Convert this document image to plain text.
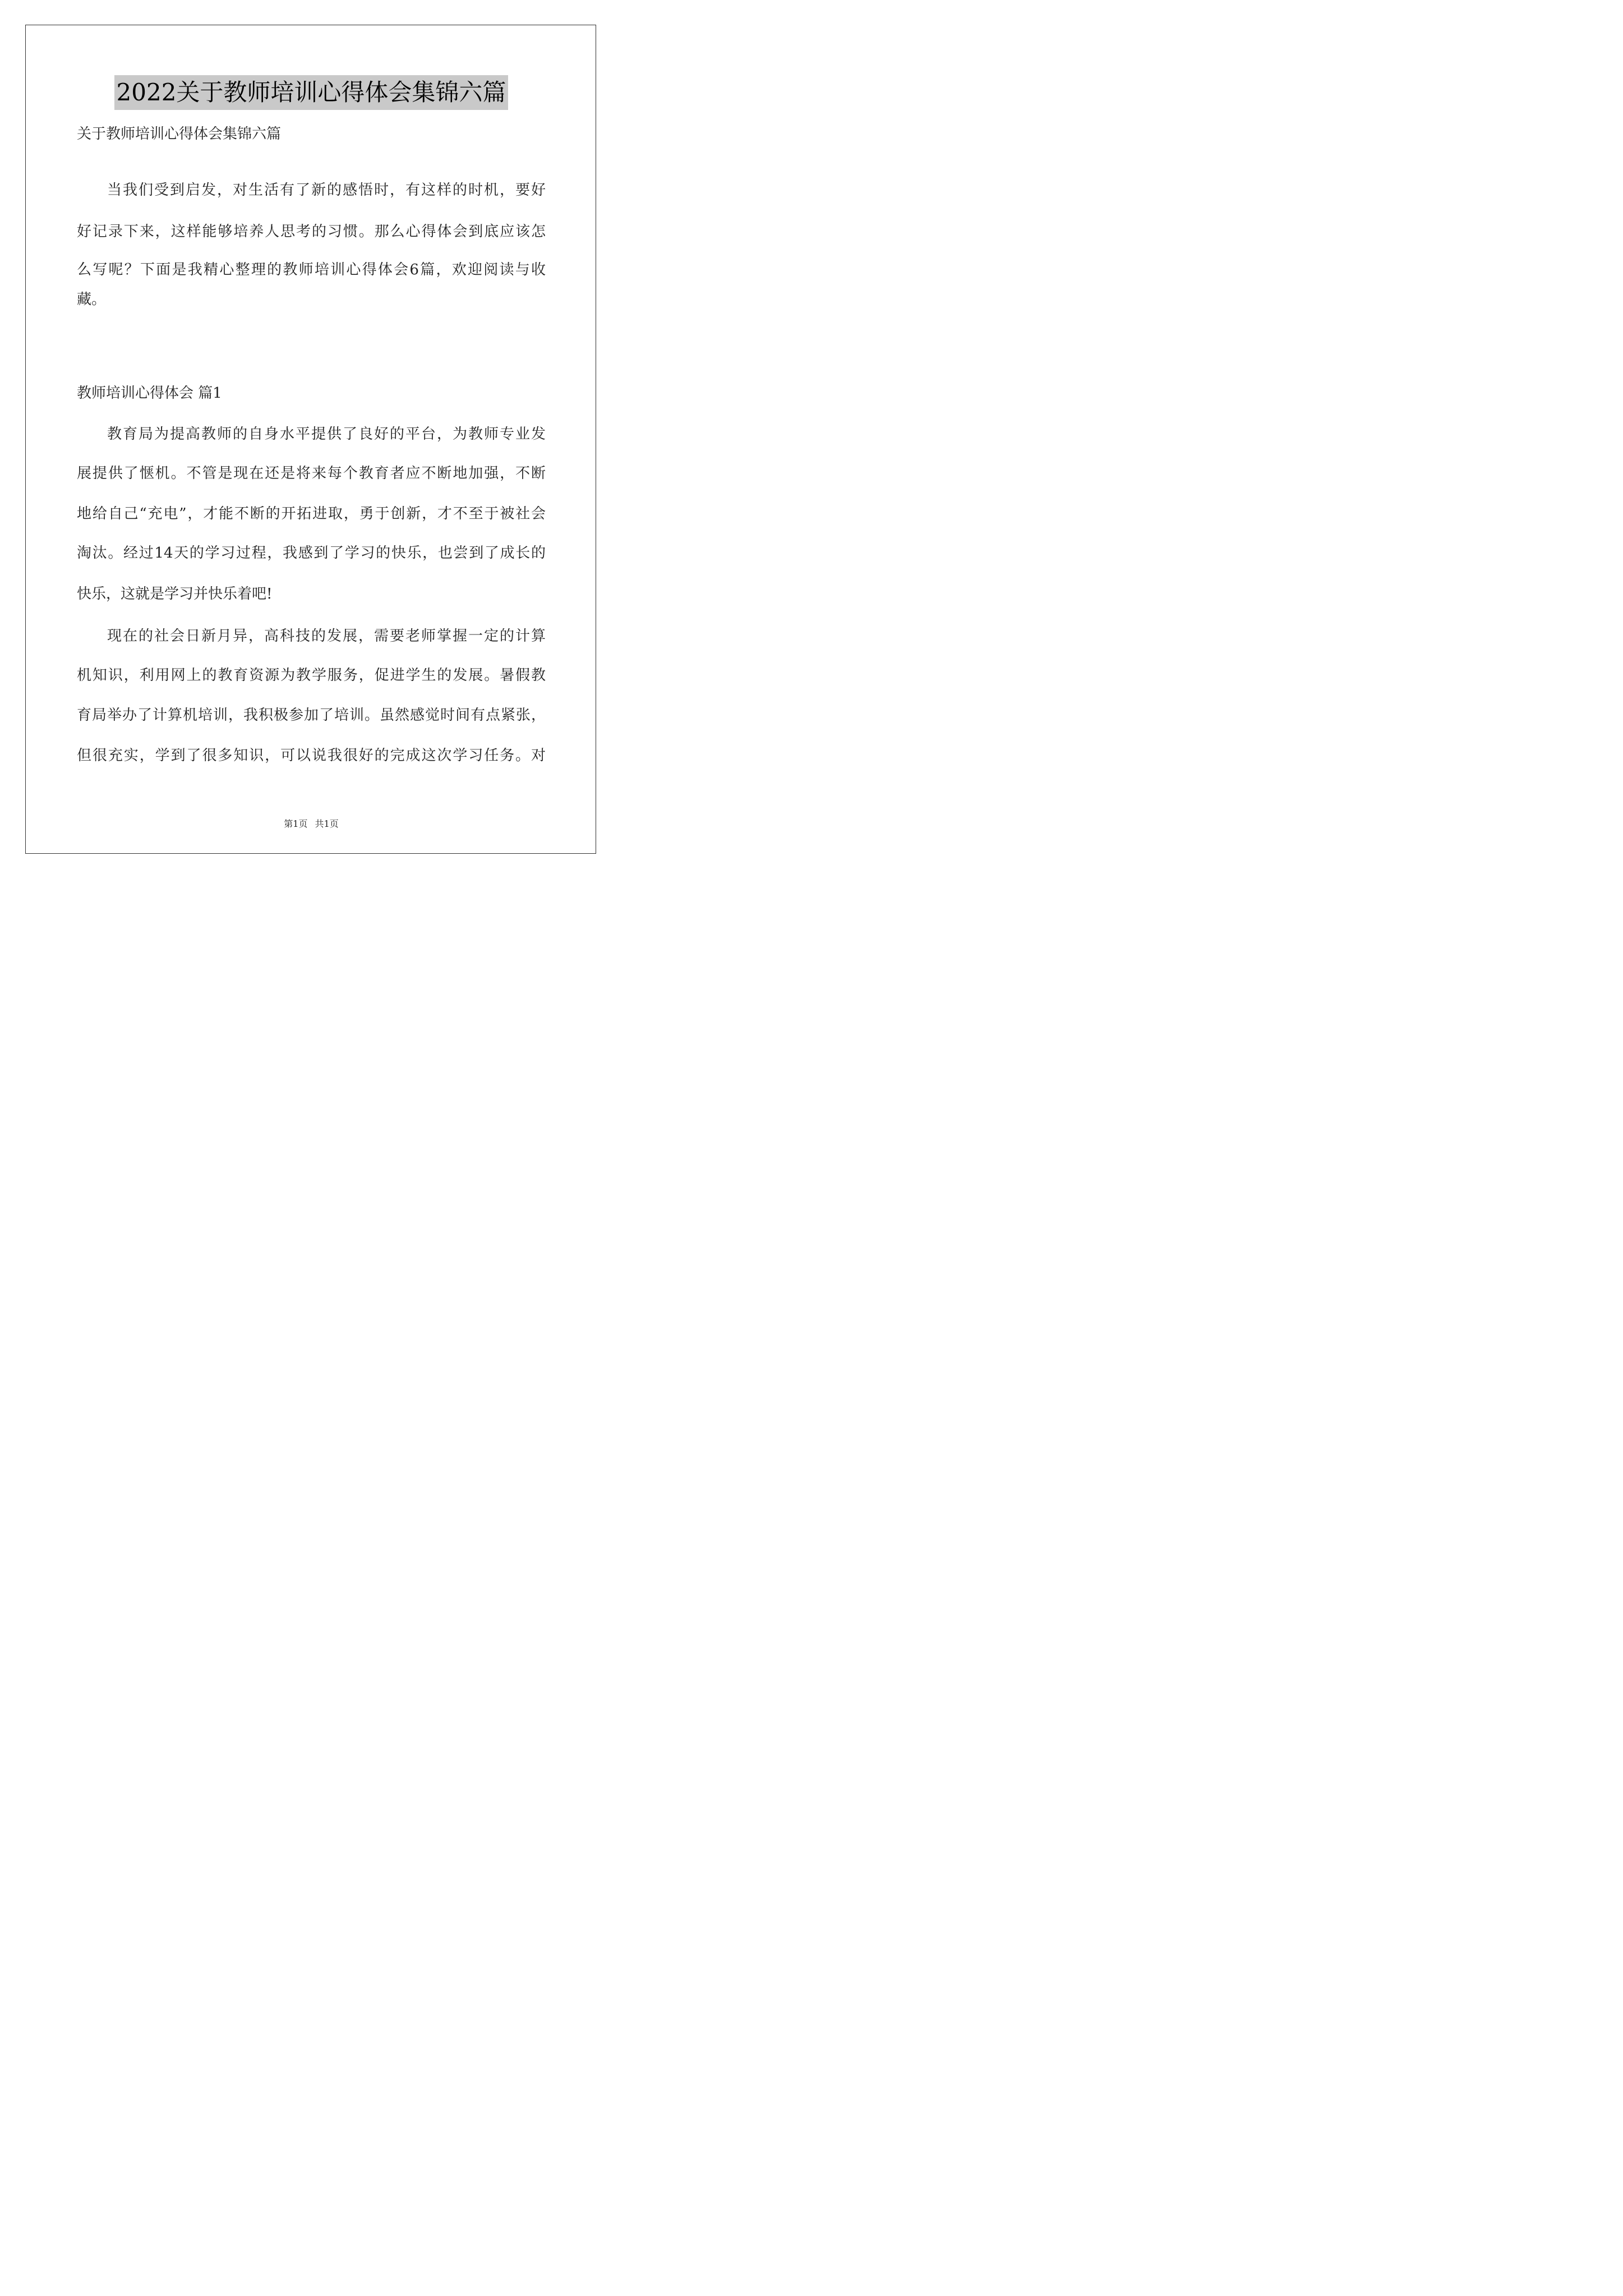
2022关于教师培训心得体会集锦六篇
关于教师培训心得体会集锦六篇
当我们受到启发，对生活有了新的感悟时，有这样的时机，要好
好记录下来，这样能够培养人思考的习惯。那么心得体会到底应该怎
么写呢？下面是我精心整理的教师培训心得体会6篇，欢迎阅读与收
藏。
教师培训心得体会 篇1
教育局为提高教师的自身水平提供了良好的平台，为教师专业发
展提供了惬机。不管是现在还是将来每个教育者应不断地加强，不断
地给自己“充电”，才能不断的开拓进取，勇于创新，才不至于被社会
淘汰。经过14天的学习过程，我感到了学习的快乐，也尝到了成长的
快乐，这就是学习并快乐着吧!
现在的社会日新月异，高科技的发展，需要老师掌握一定的计算
机知识，利用网上的教育资源为教学服务，促进学生的发展。暑假教
育局举办了计算机培训，我积极参加了培训。虽然感觉时间有点紧张，
但很充实，学到了很多知识，可以说我很好的完成这次学习任务。对
第1页 共1页
